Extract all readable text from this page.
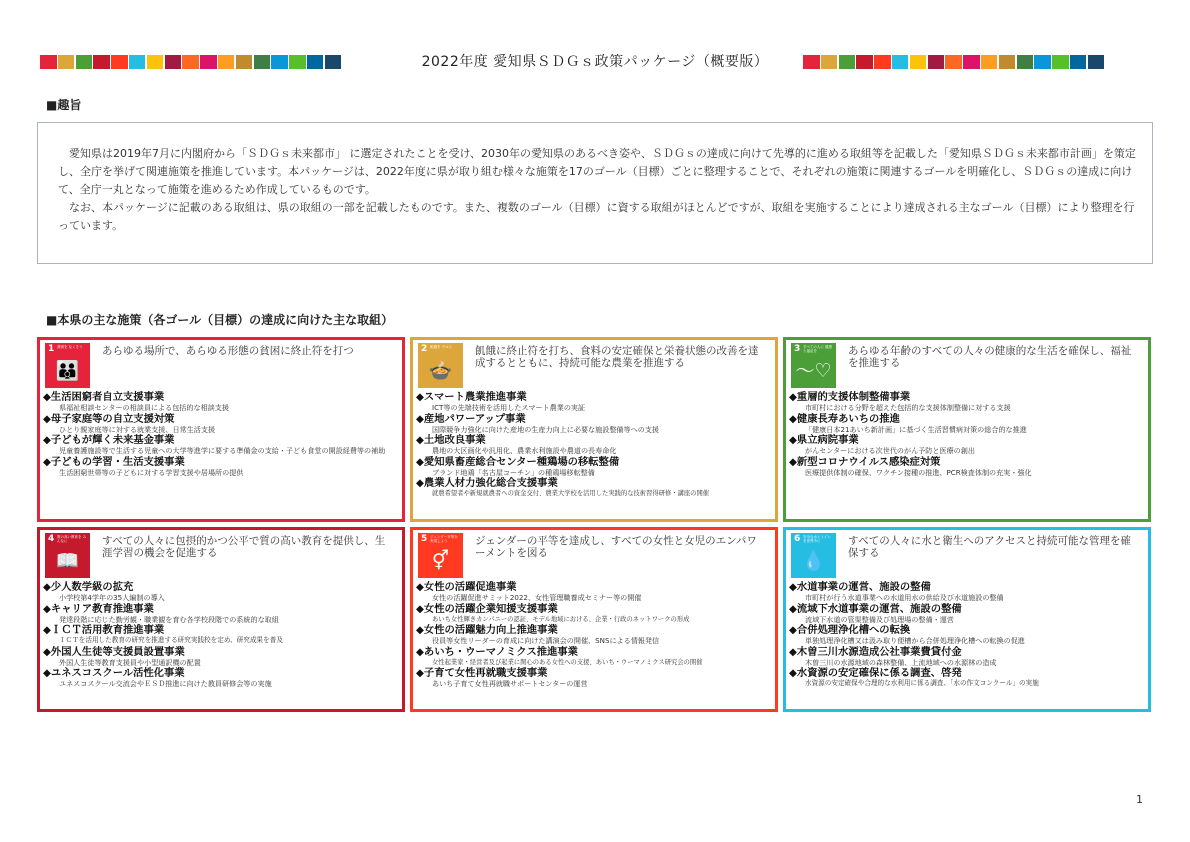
2022年度 愛知県ＳＤＧｓ政策パッケージ（概要版）
■趣旨

愛知県は2019年7月に内閣府から「ＳＤＧｓ未来都市」 に選定されたことを受け、2030年の愛知県のあるべき姿や、ＳＤＧｓの達成に向けて先導的に進める取組等を記載した「愛知県ＳＤＧｓ未来都市計画」を策定し、全庁を挙げて関連施策を推進しています。本パッケージは、2022年度に県が取り組む様々な施策を17のゴール（目標）ごとに整理することで、それぞれの施策に関連するゴールを明確化し、ＳＤＧｓの達成に向けて、全庁一丸となって施策を進めるため作成しているものです。

なお、本パッケージに記載のある取組は、県の取組の一部を記載したものです。また、複数のゴール（目標）に資する取組がほとんどですが、取組を実施することにより達成される主なゴール（目標）により整理を行っています。

■本県の主な施策（各ゴール（目標）の達成に向けた主な取組）
1 貧困を なくそう
👪
あらゆる場所で、あらゆる形態の貧困に終止符を打つ
◆生活困窮者自立支援事業
県福祉相談センターの相談員による包括的な相談支援
◆母子家庭等の自立支援対策
ひとり親家庭等に対する就業支援、日常生活支援
◆子どもが輝く未来基金事業
児童養護施設等で生活する児童への大学等進学に要する準備金の支給・子ども食堂の開設経費等の補助
◆子どもの学習・生活支援事業
生活困窮世帯等の子どもに対する学習支援や居場所の提供
2 飢餓を ゼロに
🍲
飢餓に終止符を打ち、食料の安定確保と栄養状態の改善を達成するとともに、持続可能な農業を推進する
◆スマート農業推進事業
ICT等の先端技術を活用したスマート農業の実証
◆産地パワーアップ事業
国際競争力強化に向けた産地の生産力向上に必要な施設整備等への支援
◆土地改良事業
農地の大区画化や汎用化、農業水利施設や農道の長寿命化
◆愛知県畜産総合センター種鶏場の移転整備
ブランド地鶏「名古屋コーチン」の種鶏場移転整備
◆農業人材力強化総合支援事業
就農希望者や新規就農者への資金交付、農業大学校を活用した実践的な技術習得研修・講座の開催
3 すべての人に 健康と福祉を
〜♡
あらゆる年齢のすべての人々の健康的な生活を確保し、福祉を推進する
◆重層的支援体制整備事業
市町村における分野を超えた包括的な支援体制整備に対する支援
◆健康長寿あいちの推進
「健康日本21あいち新計画」に基づく生活習慣病対策の総合的な推進
◆県立病院事業
がんセンターにおける次世代のがん予防と医療の創出
◆新型コロナウイルス感染症対策
医療提供体制の確保、ワクチン接種の推進、PCR検査体制の充実・強化
4 質の高い教育を みんなに
📖
すべての人々に包摂的かつ公平で質の高い教育を提供し、生涯学習の機会を促進する
◆少人数学級の拡充
小学校第4学年の35人編制の導入
◆キャリア教育推進事業
発達段階に応じた勤労観・職業観を育む各学校段階での系統的な取組
◆ＩＣＴ活用教育推進事業
ＩＣＴを活用した教育の研究を推進する研究実践校を定め、研究成果を普及
◆外国人生徒等支援員設置事業
外国人生徒等教育支援員や小型通訳機の配置
◆ユネスコスクール活性化事業
ユネスコスクール交流会やＥＳＤ推進に向けた教員研修会等の実施
5 ジェンダー平等を 実現しよう
⚥
ジェンダーの平等を達成し、すべての女性と女児のエンパワーメントを図る
◆女性の活躍促進事業
女性の活躍促進サミット2022、女性管理職養成セミナー等の開催
◆女性の活躍企業知援支援事業
あいち女性輝きカンパニーの認証、モデル地域における、企業・行政のネットワークの形成
◆女性の活躍魅力向上推進事業
役員等女性リーダーの育成に向けた講演会の開催、SNSによる情報発信
◆あいち・ウーマノミクス推進事業
女性起業家・経営者及び起業に関心のある女性への支援、あいち・ウーマノミクス研究会の開催
◆子育て女性再就職支援事業
あいち子育て女性再就職サポートセンターの運営
6 安全な水とトイレ を世界中に
💧
すべての人々に水と衛生へのアクセスと持続可能な管理を確保する
◆水道事業の運営、施設の整備
市町村が行う水道事業への水道用水の供給及び水道施設の整備
◆流域下水道事業の運営、施設の整備
流域下水道の管渠整備及び処理場の整備・運営
◆合併処理浄化槽への転換
単独処理浄化槽又は汲み取り便槽から合併処理浄化槽への転換の促進
◆木曽三川水源造成公社事業費貸付金
木曽三川の水源地域の森林整備、上流地域への水源林の造成
◆水資源の安定確保に係る調査、啓発
水資源の安定確保や合理的な水利用に係る調査、「水の作文コンクール」の実施
1
